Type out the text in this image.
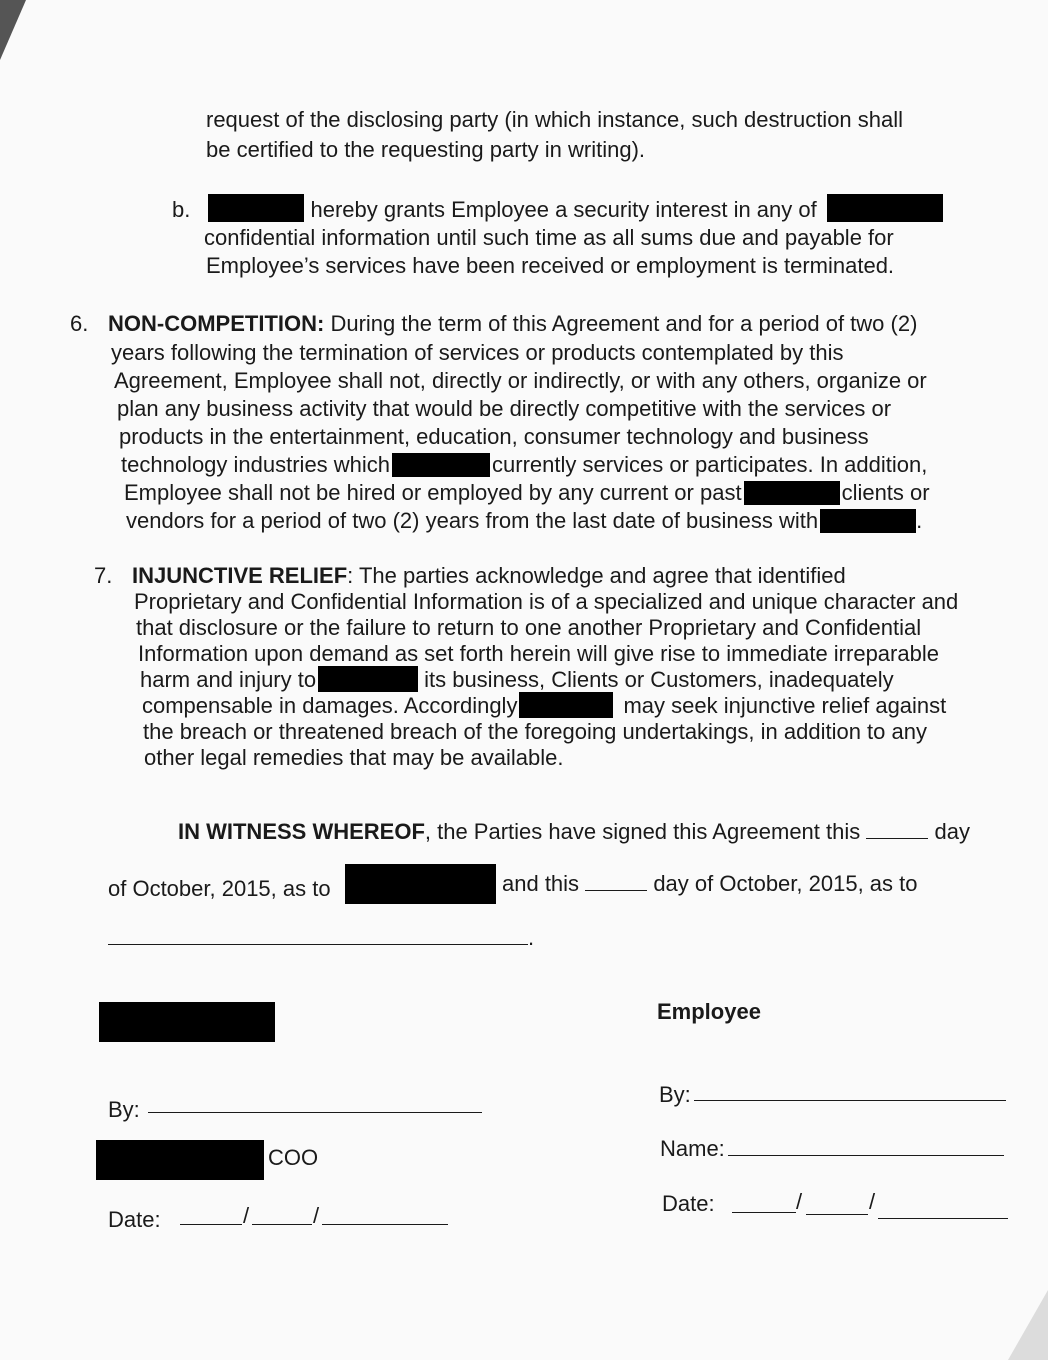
request of the disclosing party (in which instance, such destruction shall
be certified to the requesting party in writing).
b.	hereby grants Employee a security interest in any of
confidential information until such time as all sums due and payable for
Employee’s services have been received or employment is terminated.
6. NON-COMPETITION: During the term of this Agreement and for a period of two (2)
years following the termination of services or products contemplated by this
Agreement, Employee shall not, directly or indirectly, or with any others, organize or
plan any business activity that would be directly competitive with the services or
products in the entertainment, education, consumer technology and business
technology industries which	currently services or participates. In addition,
Employee shall not be hired or employed by any current or past	clients or
vendors for a period of two (2) years from the last date of business with	.
7. INJUNCTIVE RELIEF: The parties acknowledge and agree that identified
Proprietary and Confidential Information is of a specialized and unique character and
that disclosure or the failure to return to one another Proprietary and Confidential
Information upon demand as set forth herein will give rise to immediate irreparable
harm and injury to	its business, Clients or Customers, inadequately
compensable in damages. Accordingly	may seek injunctive relief against
the breach or threatened breach of the foregoing undertakings, in addition to any
other legal remedies that may be available.
IN WITNESS WHEREOF, the Parties have signed this Agreement this	day
of October, 2015, as to	and this	day of October, 2015, as to
.
By:
COO
Date:	/	/
Employee
By:
Name:
Date:	/	/
